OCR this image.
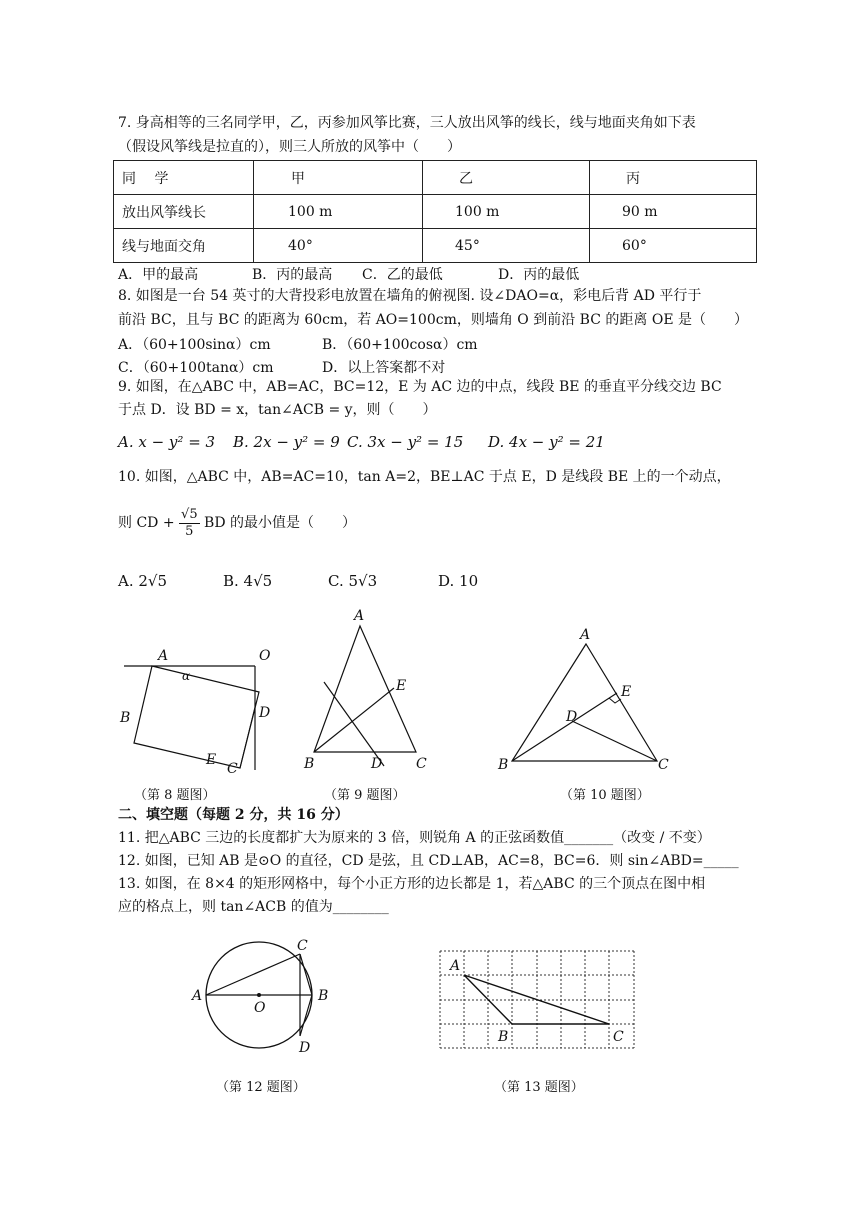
7. 身高相等的三名同学甲，乙，丙参加风筝比赛，三人放出风筝的线长，线与地面夹角如下表
（假设风筝线是拉直的），则三人所放的风筝中（　　）
同　 学	甲	乙	丙
放出风筝线长	100 m	100 m	90 m
线与地面交角	40°	45°	60°
A．甲的最高	B．丙的最高 C．乙的最低	D．丙的最低
8. 如图是一台 54 英寸的大背投彩电放置在墙角的俯视图. 设∠DAO=α，彩电后背 AD 平行于
前沿 BC，且与 BC 的距离为 60cm，若 AO=100cm，则墙角 O 到前沿 BC 的距离 OE 是（　　）
A．（60+100sinα）cm	B．（60+100cosα）cm
C．（60+100tanα）cm	D．以上答案都不对
9. 如图，在△ABC 中，AB=AC，BC=12，E 为 AC 边的中点，线段 BE 的垂直平分线交边 BC
于点 D．设 BD = x，tan∠ACB = y，则（　　）
A. x − y² = 3 B. 2x − y² = 9 C. 3x − y² = 15 D. 4x − y² = 21
10. 如图，△ABC 中，AB=AC=10，tan A=2，BE⊥AC 于点 E，D 是线段 BE 上的一个动点，
则 CD + $\frac{√5}{5}$ BD 的最小值是（　　）
A. 2√5	B. 4√5	C. 5√3	D. 10
A	O
α
B	D
E
C
A
E
B	D C
A
E
D
B	C
（第 8 题图）	（第 9 题图）	（第 10 题图）
二、填空题（每题 2 分，共 16 分）
11. 把△ABC 三边的长度都扩大为原来的 3 倍，则锐角 A 的正弦函数值_______（改变 / 不变）
12. 如图，已知 AB 是⊙O 的直径，CD 是弦，且 CD⊥AB，AC=8，BC=6．则 sin∠ABD=_____
13. 如图，在 8×4 的矩形网格中，每个小正方形的边长都是 1，若△ABC 的三个顶点在图中相
应的格点上，则 tan∠ACB 的值为________
A
O
B
C
D
A
B	C
（第 12 题图）	（第 13 题图）
